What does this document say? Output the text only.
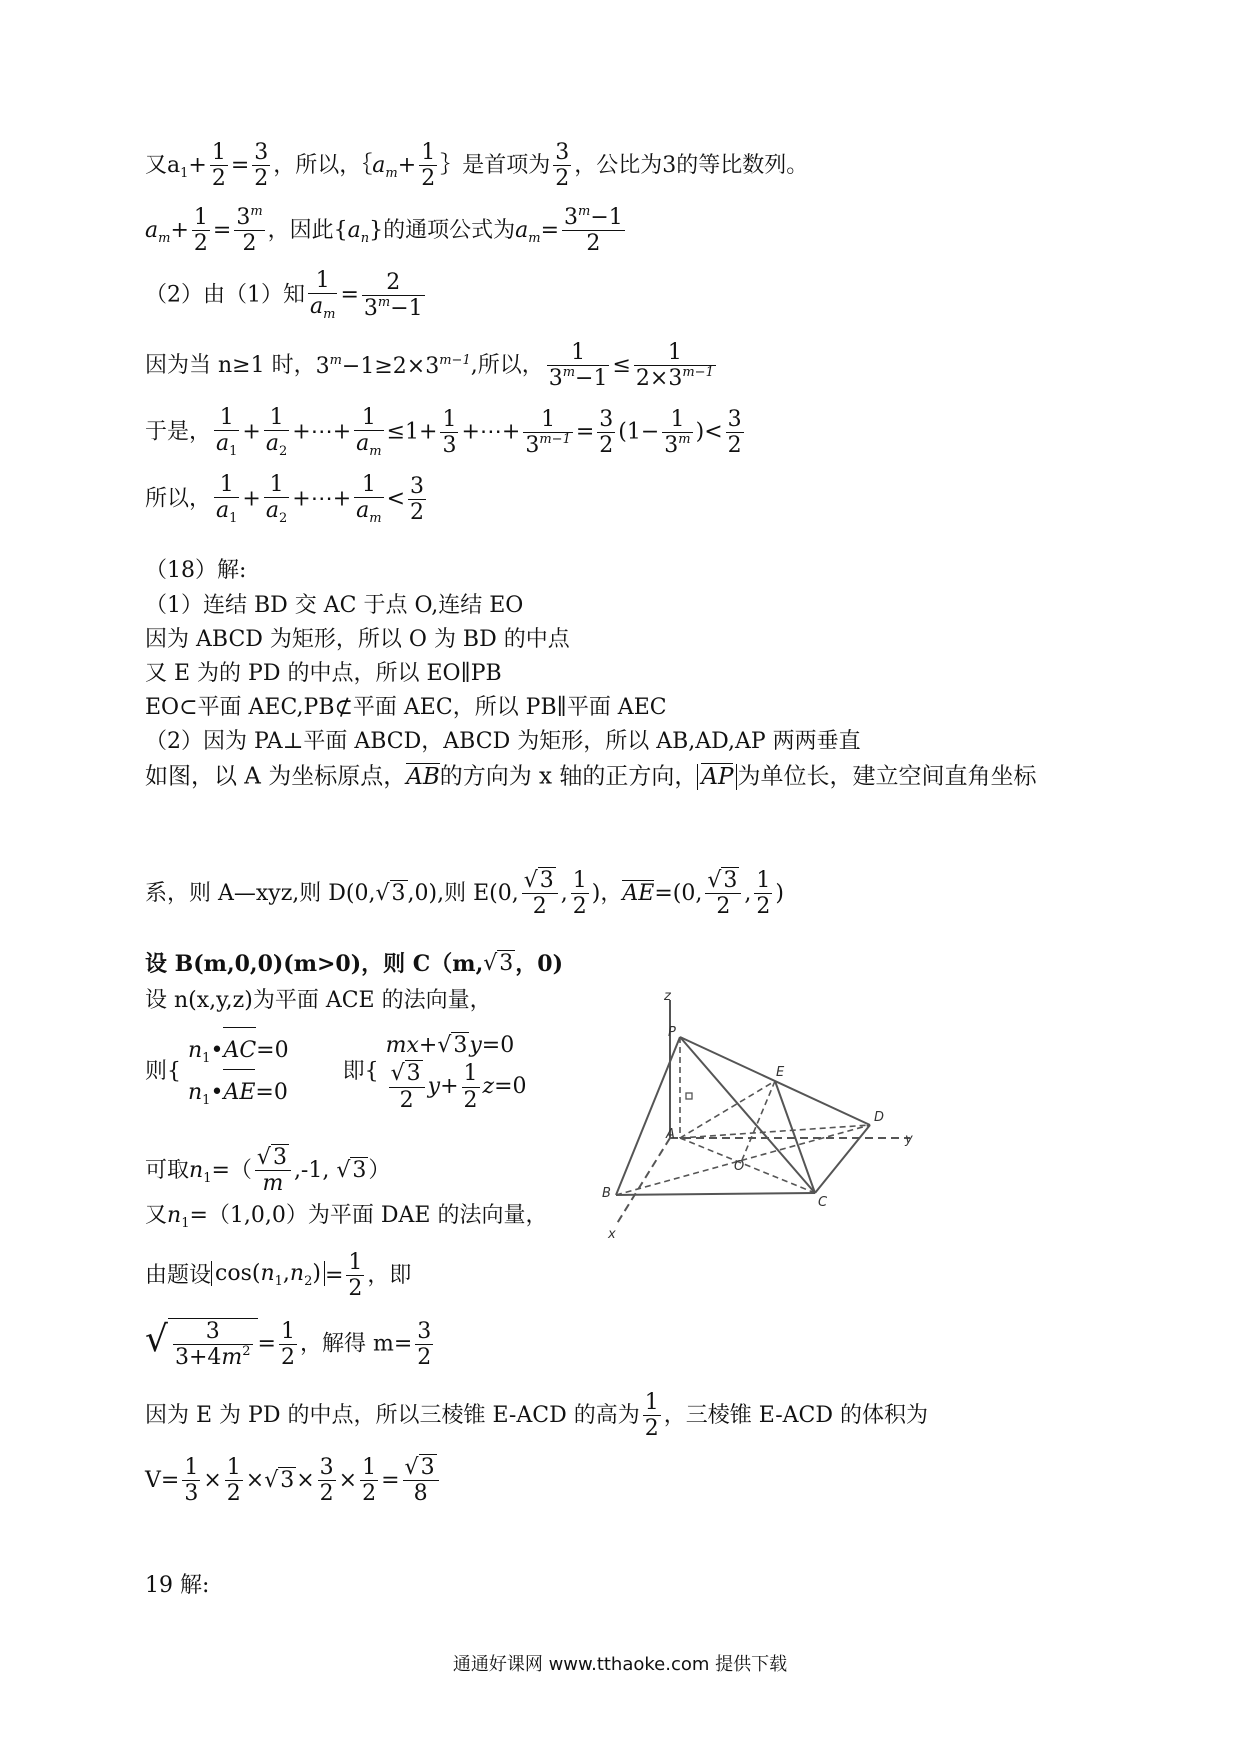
又$a_1+ \frac{1}{2} = \frac{3}{2}$ ，所以，$\{a_m+ \frac{1}{2}$ ｝是首项为 $\frac{3}{2}$ ，公比为3的等比数列。
$a_m+ \frac{1}{2} = \frac{3^m}{2}$ ，因此$\{a_n\}$的通项公式为$a_m= \frac{3^m-1}{2}$
（2）由（1）知 $\frac{1}{a_m} = \frac{2}{3^m-1}$
因为当 n≥1 时，$3^m-1\ge 2\times 3^{m-1}$,所以， $\frac{1}{3^m-1} \le \frac{1}{2\times 3^{m-1}}$
于是， $\frac{1}{a_1} + \frac{1}{a_2}$ +⋯+ $\frac{1}{a_m} \le 1+ \frac{1}{3}$ +⋯+ $\frac{1}{3^{m-1}} = \frac{3}{2} (1- \frac{1}{3^m}$ )< $\frac{3}{2}$
所以， $\frac{1}{a_1} + \frac{1}{a_2}$ +⋯+ $\frac{1}{a_m} < \frac{3}{2}$
（18）解:
（1）连结 BD 交 AC 于点 O,连结 EO
因为 ABCD 为矩形，所以 O 为 BD 的中点
又 E 为的 PD 的中点，所以 EO∥PB
EO⊂平面 AEC,PB⊄平面 AEC，所以 PB∥平面 AEC
（2）因为 PA⊥平面 ABCD，ABCD 为矩形，所以 AB,AD,AP 两两垂直
如图，以 A 为坐标原点，AB的方向为 x 轴的正方向， AP 为单位长，建立空间直角坐标
系，则 A—xyz,则 D(0,√3,0),则 E(0, $\frac{√3}{2}$ , $\frac{1}{2}$ )，AE=(0, $\frac{√3}{2}$ , $\frac{1}{2}$ )
设 B(m,0,0)(m>0)，则 C（m,√3，0)
设 n(x,y,z)为平面 ACE 的法向量，
则{
$n_1•AC=0$
$n_1•AE=0$
即{
mx+√3y=0
$\frac{√3}{2} y+ \frac{1}{2} z=0$
可取$n_1=( \frac{√3}{m} ,-1$, √3）
又$n_1=(1,0,0)$为平面 DAE 的法向量，
由题设 $\cos(n_1,n_2) = \frac{1}{2}$ ，即
√ $\frac{3}{3+4m^2} = \frac{1}{2}$ ，解得 $m= \frac{3}{2}$
因为 E 为 PD 的中点，所以三棱锥 E-ACD 的高为 $\frac{1}{2}$ ，三棱锥 E-ACD 的体积为
$V= \frac{1}{3} \times \frac{1}{2} \times√3\times \frac{3}{2} \times \frac{1}{2} = \frac{√3}{8}$
19 解:
z
P
E
A
D
y
O
B
C
x
通通好课网 www.tthaoke.com 提供下载
